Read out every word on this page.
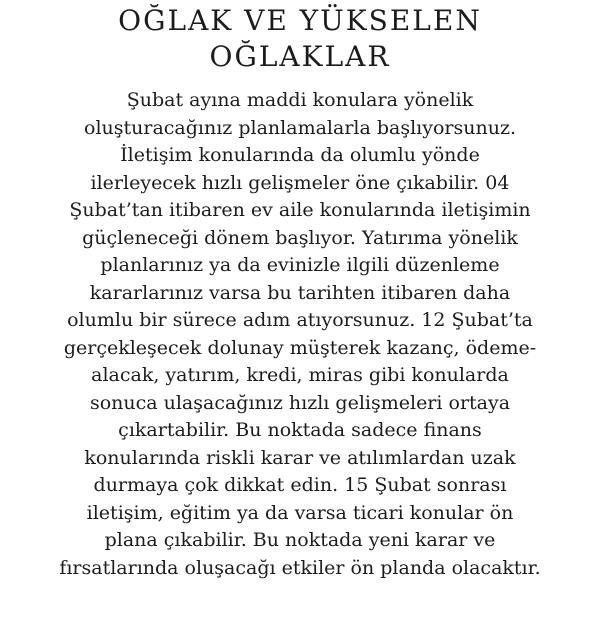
OĞLAK VE YÜKSELEN
OĞLAKLAR
Şubat ayına maddi konulara yönelik
oluşturacağınız planlamalarla başlıyorsunuz.
İletişim konularında da olumlu yönde
ilerleyecek hızlı gelişmeler öne çıkabilir. 04
Şubat’tan itibaren ev aile konularında iletişimin
güçleneceği dönem başlıyor. Yatırıma yönelik
planlarınız ya da evinizle ilgili düzenleme
kararlarınız varsa bu tarihten itibaren daha
olumlu bir sürece adım atıyorsunuz. 12 Şubat’ta
gerçekleşecek dolunay müşterek kazanç, ödeme-
alacak, yatırım, kredi, miras gibi konularda
sonuca ulaşacağınız hızlı gelişmeleri ortaya
çıkartabilir. Bu noktada sadece finans
konularında riskli karar ve atılımlardan uzak
durmaya çok dikkat edin. 15 Şubat sonrası
iletişim, eğitim ya da varsa ticari konular ön
plana çıkabilir. Bu noktada yeni karar ve
fırsatlarında oluşacağı etkiler ön planda olacaktır.
